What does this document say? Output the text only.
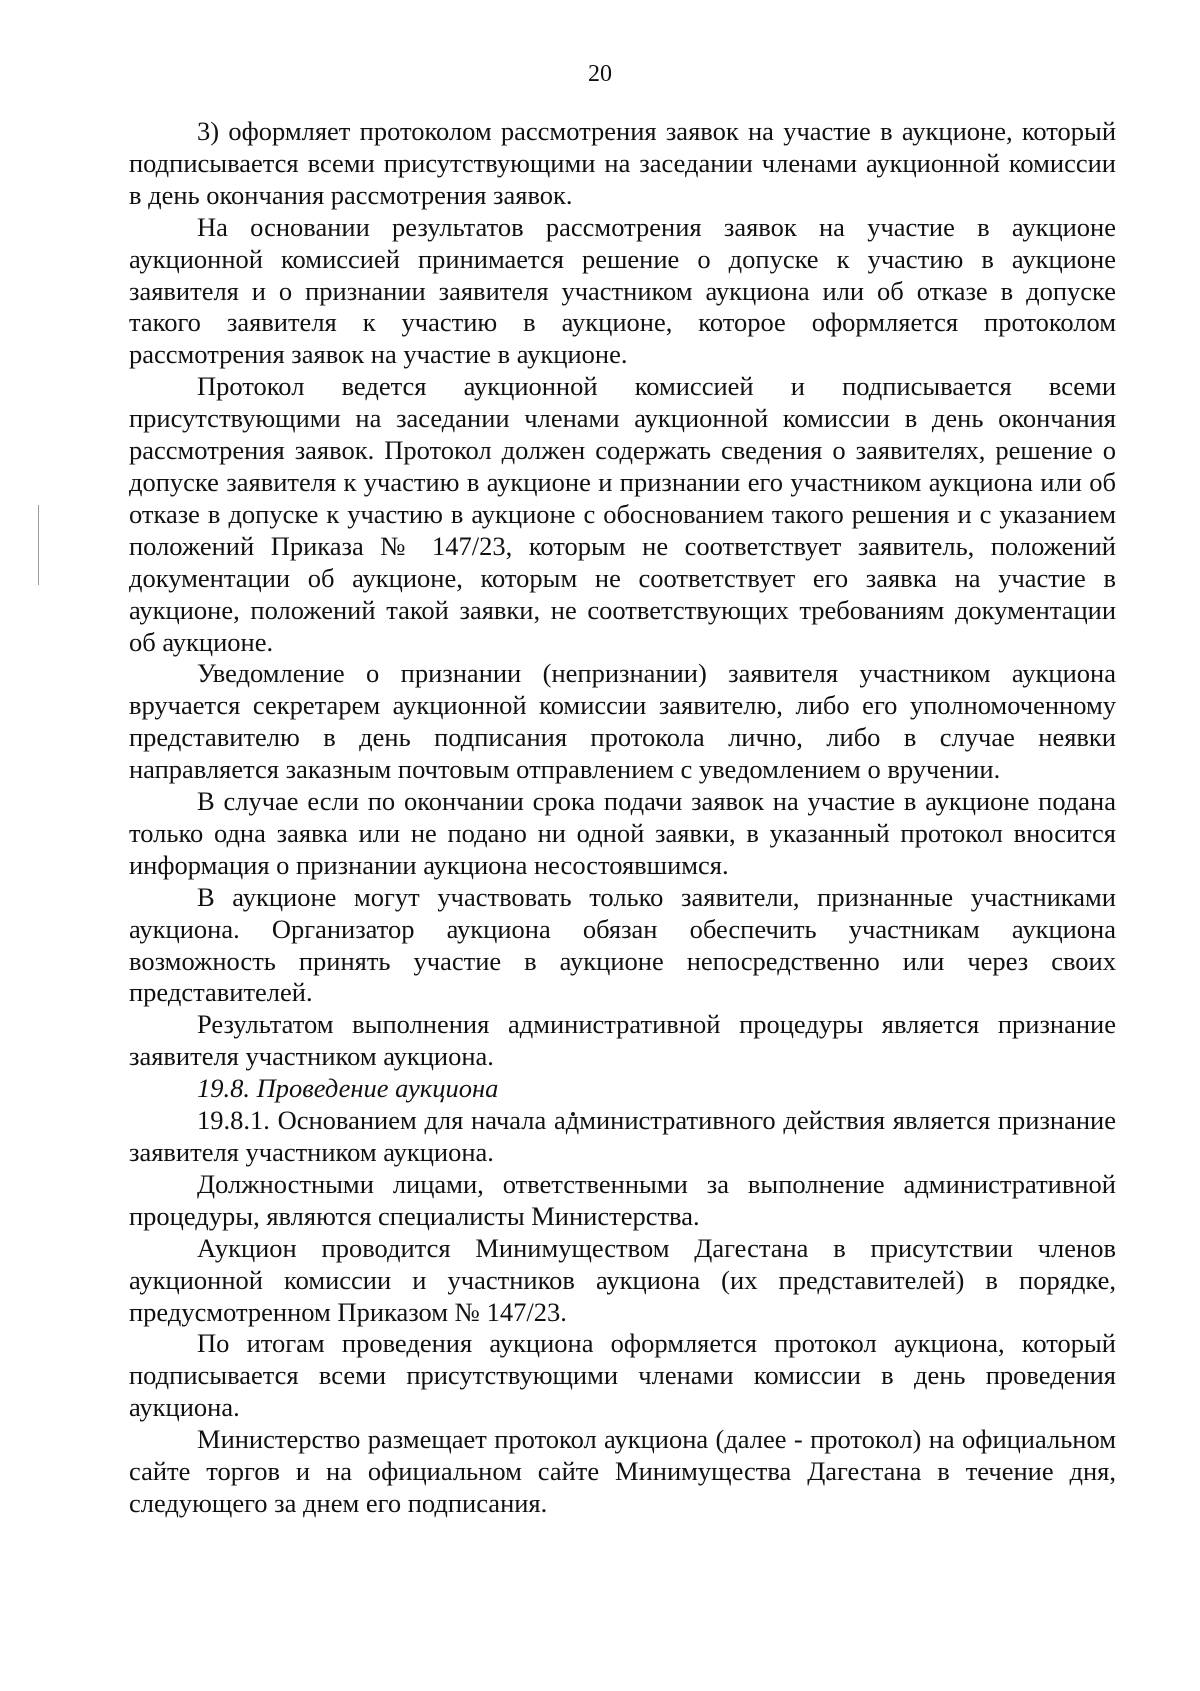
20

3) оформляет протоколом рассмотрения заявок на участие в аукционе, который подписывается всеми присутствующими на заседании членами аукционной комиссии в день окончания рассмотрения заявок.

На основании результатов рассмотрения заявок на участие в аукционе аукционной комиссией принимается решение о допуске к участию в аукционе заявителя и о признании заявителя участником аукциона или об отказе в допуске такого заявителя к участию в аукционе, которое оформляется протоколом рассмотрения заявок на участие в аукционе.

Протокол ведется аукционной комиссией и подписывается всеми присутствующими на заседании членами аукционной комиссии в день окончания рассмотрения заявок. Протокол должен содержать сведения о заявителях, решение о допуске заявителя к участию в аукционе и признании его участником аукциона или об отказе в допуске к участию в аукционе с обоснованием такого решения и с указанием положений Приказа № 147/23, которым не соответствует заявитель, положений документации об аукционе, которым не соответствует его заявка на участие в аукционе, положений такой заявки, не соответствующих требованиям документации об аукционе.

Уведомление о признании (непризнании) заявителя участником аукциона вручается секретарем аукционной комиссии заявителю, либо его уполномоченному представителю в день подписания протокола лично, либо в случае неявки направляется заказным почтовым отправлением с уведомлением о вручении.

В случае если по окончании срока подачи заявок на участие в аукционе подана только одна заявка или не подано ни одной заявки, в указанный протокол вносится информация о признании аукциона несостоявшимся.

В аукционе могут участвовать только заявители, признанные участниками аукциона. Организатор аукциона обязан обеспечить участникам аукциона возможность принять участие в аукционе непосредственно или через своих представителей.

Результатом выполнения административной процедуры является признание заявителя участником аукциона.

19.8. Проведение аукциона

19.8.1. Основанием для начала административного действия является признание заявителя участником аукциона.

Должностными лицами, ответственными за выполнение административной процедуры, являются специалисты Министерства.

Аукцион проводится Минимуществом Дагестана в присутствии членов аукционной комиссии и участников аукциона (их представителей) в порядке, предусмотренном Приказом № 147/23.

По итогам проведения аукциона оформляется протокол аукциона, который подписывается всеми присутствующими членами комиссии в день проведения аукциона.

Министерство размещает протокол аукциона (далее - протокол) на официальном сайте торгов и на официальном сайте Минимущества Дагестана в течение дня, следующего за днем его подписания.
